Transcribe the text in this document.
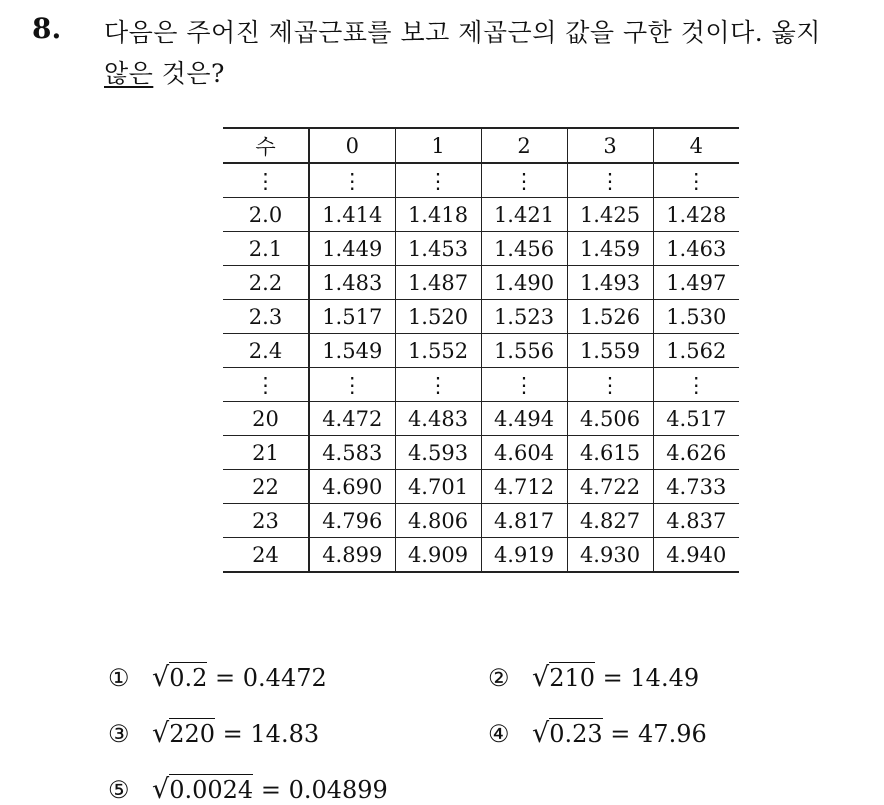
8. 다음은 주어진 제곱근표를 보고 제곱근의 값을 구한 것이다. 옳지
않은 것은?
수	0	1	2	3	4
⋮	⋮	⋮	⋮	⋮	⋮
2.0	1.414	1.418	1.421	1.425	1.428
2.1	1.449	1.453	1.456	1.459	1.463
2.2	1.483	1.487	1.490	1.493	1.497
2.3	1.517	1.520	1.523	1.526	1.530
2.4	1.549	1.552	1.556	1.559	1.562
⋮	⋮	⋮	⋮	⋮	⋮
20	4.472	4.483	4.494	4.506	4.517
21	4.583	4.593	4.604	4.615	4.626
22	4.690	4.701	4.712	4.722	4.733
23	4.796	4.806	4.817	4.827	4.837
24	4.899	4.909	4.919	4.930	4.940
① √0.2 = 0.4472	② √210 = 14.49
③ √220 = 14.83	④ √0.23 = 47.96
⑤ √0.0024 = 0.04899
